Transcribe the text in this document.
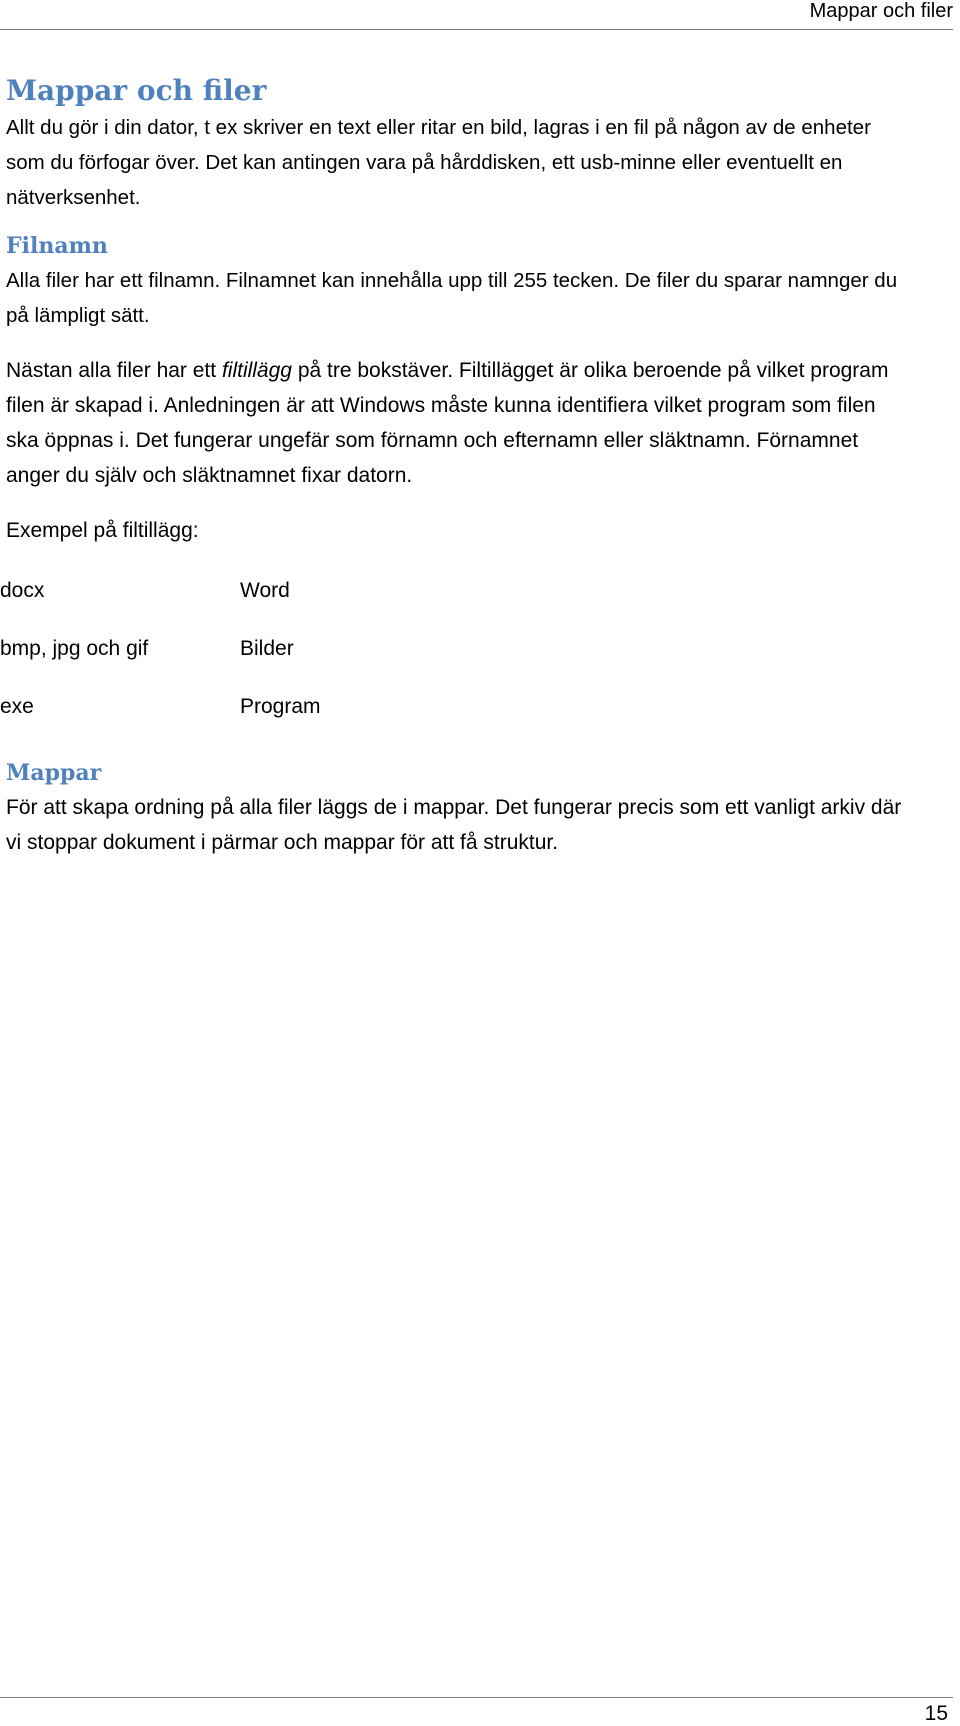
Mappar och filer
Mappar och filer

Allt du gör i din dator, t ex skriver en text eller ritar en bild, lagras i en fil på någon av de enheter som du förfogar över. Det kan antingen vara på hårddisken, ett usb-minne eller eventuellt en nätverksenhet.

Filnamn

Alla filer har ett filnamn. Filnamnet kan innehålla upp till 255 tecken. De filer du sparar namnger du på lämpligt sätt.

Nästan alla filer har ett filtillägg på tre bokstäver. Filtillägget är olika beroende på vilket program filen är skapad i. Anledningen är att Windows måste kunna identifiera vilket program som filen ska öppnas i. Det fungerar ungefär som förnamn och efternamn eller släktnamn. Förnamnet anger du själv och släktnamnet fixar datorn.

Exempel på filtillägg:

docx	Word
bmp, jpg och gif	Bilder
exe	Program
Mappar

För att skapa ordning på alla filer läggs de i mappar. Det fungerar precis som ett vanligt arkiv där vi stoppar dokument i pärmar och mappar för att få struktur.

15
